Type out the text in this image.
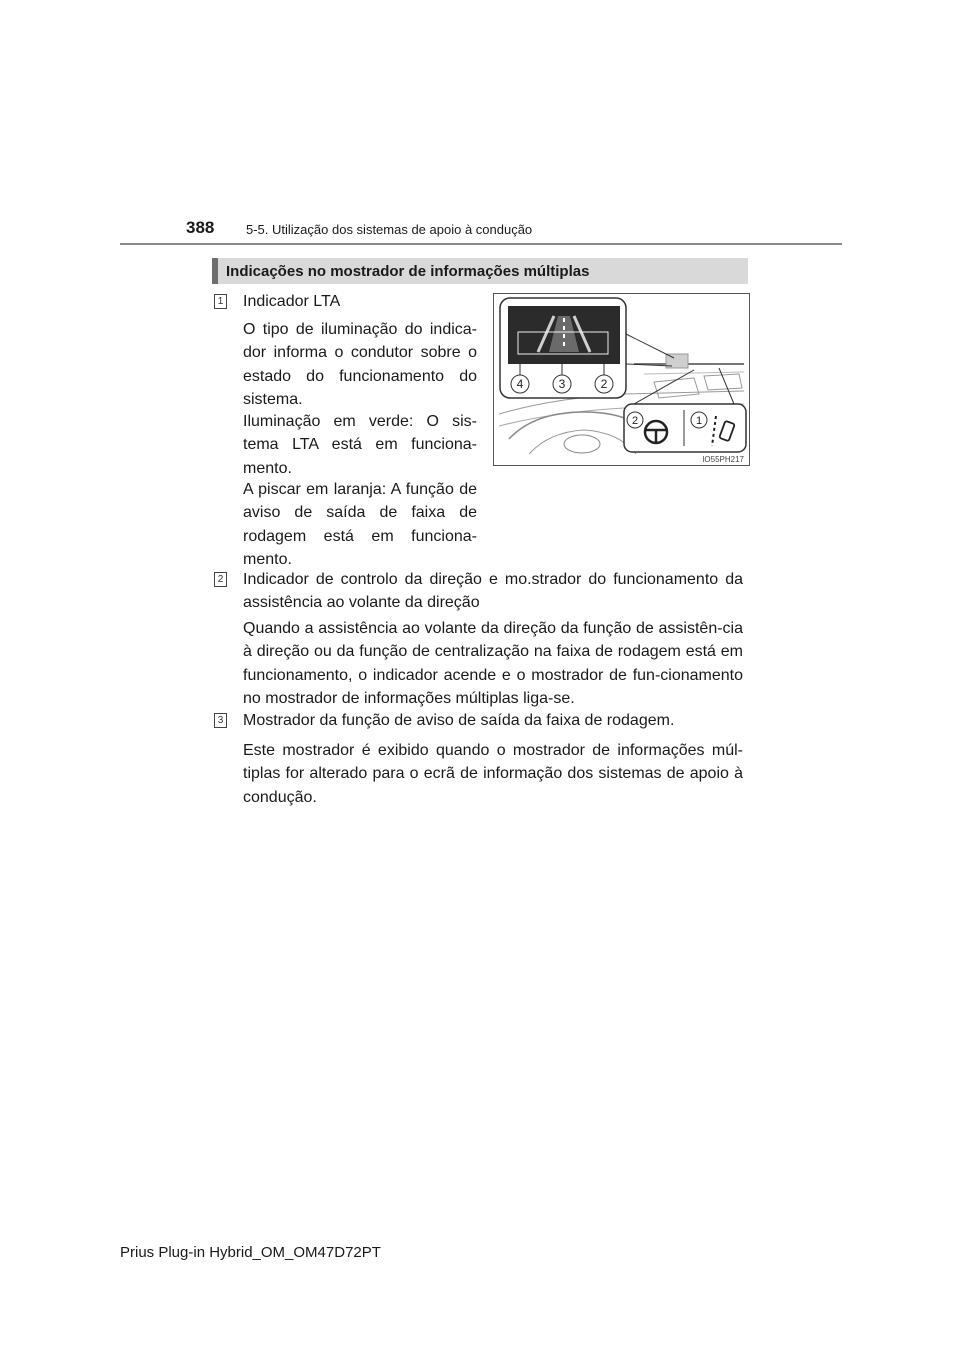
388 5-5. Utilização dos sistemas de apoio à condução
Indicações no mostrador de informações múltiplas
1 Indicador LTA

O tipo de iluminação do indica-dor informa o condutor sobre o estado do funcionamento do sistema.

Iluminação em verde: O sis-tema LTA está em funciona-mento.

A piscar em laranja: A função de aviso de saída de faixa de rodagem está em funciona-mento.

4	3	2
2	1
IO55PH217
2 Indicador de controlo da direção e mo.strador do funcionamento da assistência ao volante da direção

Quando a assistência ao volante da direção da função de assistên-cia à direção ou da função de centralização na faixa de rodagem está em funcionamento, o indicador acende e o mostrador de fun-cionamento no mostrador de informações múltiplas liga-se.

3 Mostrador da função de aviso de saída da faixa de rodagem.

Este mostrador é exibido quando o mostrador de informações múl-tiplas for alterado para o ecrã de informação dos sistemas de apoio à condução.

Prius Plug-in Hybrid_OM_OM47D72PT
